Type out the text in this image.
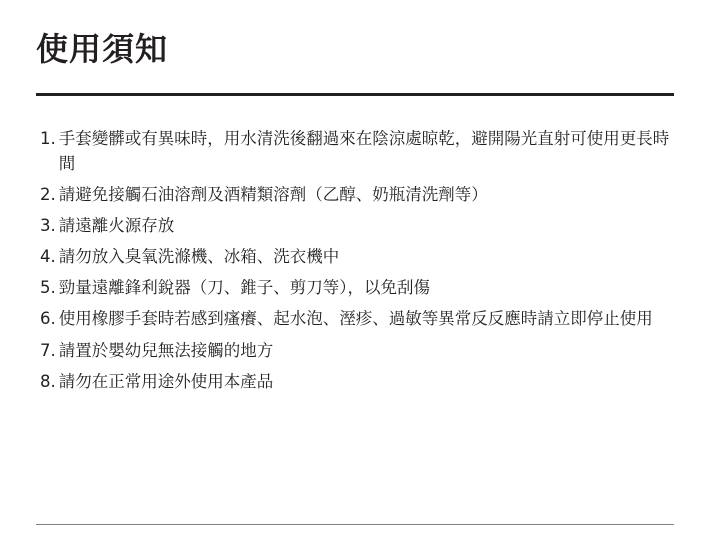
使用須知
1. 手套變髒或有異味時，用水清洗後翻過來在陰涼處晾乾，避開陽光直射可使用更長時間
2. 請避免接觸石油溶劑及酒精類溶劑（乙醇、奶瓶清洗劑等）
3. 請遠離火源存放
4. 請勿放入臭氧洗滌機、冰箱、洗衣機中
5. 勁量遠離鋒利銳器（刀、錐子、剪刀等），以免刮傷
6. 使用橡膠手套時若感到瘙癢、起水泡、溼疹、過敏等異常反反應時請立即停止使用
7. 請置於嬰幼兒無法接觸的地方
8. 請勿在正常用途外使用本產品
